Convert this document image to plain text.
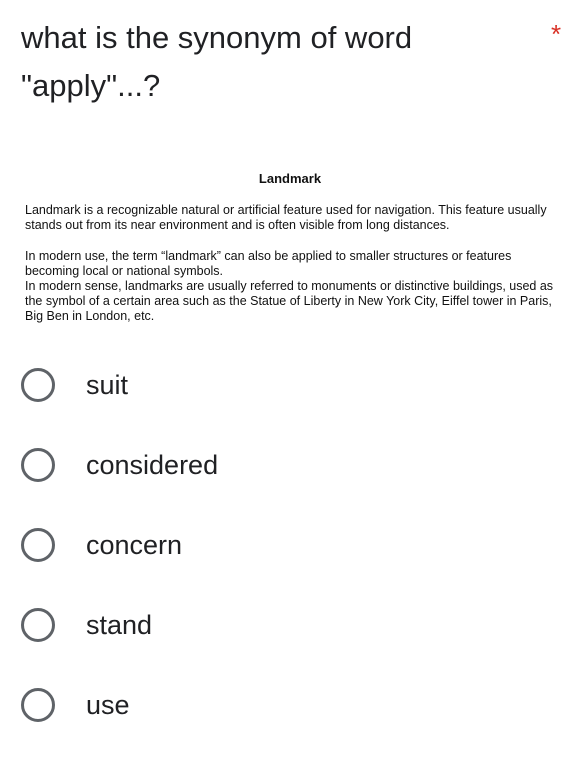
what is the synonym of word
"apply"...?
*
Landmark

Landmark is a recognizable natural or artificial feature used for navigation. This feature usually stands out from its near environment and is often visible from long distances.

In modern use, the term “landmark” can also be applied to smaller structures or features becoming local or national symbols.

In modern sense, landmarks are usually referred to monuments or distinctive buildings, used as the symbol of a certain area such as the Statue of Liberty in New York City, Eiffel tower in Paris, Big Ben in London, etc.

suit
considered
concern
stand
use
